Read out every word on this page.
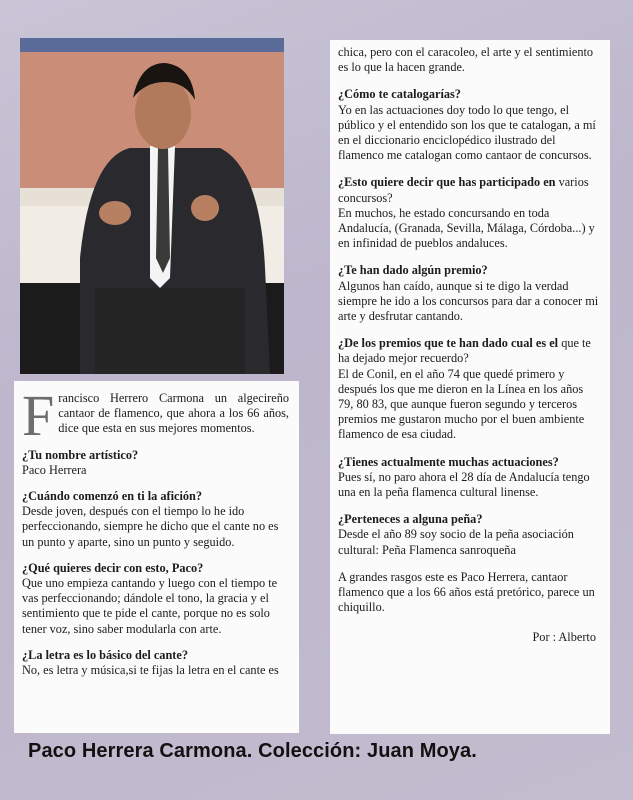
Francisco Herrero Carmona un algecireño cantaor de flamenco, que ahora a los 66 años, dice que esta en sus mejores momentos.
¿Tu nombre artístico?
Paco Herrera
¿Cuándo comenzó en ti la afición?
Desde joven, después con el tiempo lo he ido perfeccionando, siempre he dicho que el cante no es un punto y aparte, sino un punto y seguido.
¿Qué quieres decir con esto, Paco?
Que uno empieza cantando y luego con el tiempo te vas perfeccionando; dándole el tono, la gracia y el sentimiento que te pide el cante, porque no es solo tener voz, sino saber modularla con arte.
¿La letra es lo básico del cante?
No, es letra y música,si te fijas la letra en el cante es
chica, pero con el caracoleo, el arte y el sentimiento es lo que la hacen grande.
¿Cómo te catalogarías?
Yo en las actuaciones doy todo lo que tengo, el público y el entendido son los que te catalogan, a mí en el diccionario enciclopédico ilustrado del flamenco me catalogan como cantaor de concursos.
¿Esto quiere decir que has participado en varios concursos?
En muchos, he estado concursando en toda Andalucía, (Granada, Sevilla, Málaga, Córdoba...) y en infinidad de pueblos andaluces.
¿Te han dado algún premio?
Algunos han caído, aunque si te digo la verdad siempre he ido a los concursos para dar a conocer mi arte y desfrutar cantando.
¿De los premios que te han dado cual es el que te ha dejado mejor recuerdo?
El de Conil, en el año 74 que quedé primero y después los que me dieron en la Línea en los años 79, 80 83, que aunque fueron segundo y terceros premios me gustaron mucho por el buen ambiente flamenco de esa ciudad.
¿Tienes actualmente muchas actuaciones?
Pues sí, no paro ahora el 28 día de Andalucía tengo una en la peña flamenca cultural linense.
¿Perteneces a alguna peña?
Desde el año 89 soy socio de la peña asociación cultural: Peña Flamenca sanroqueña
A grandes rasgos este es Paco Herrera, cantaor flamenco que a los 66 años está pretórico, parece un chiquillo.
Por : Alberto
Paco Herrera Carmona. Colección: Juan Moya.
